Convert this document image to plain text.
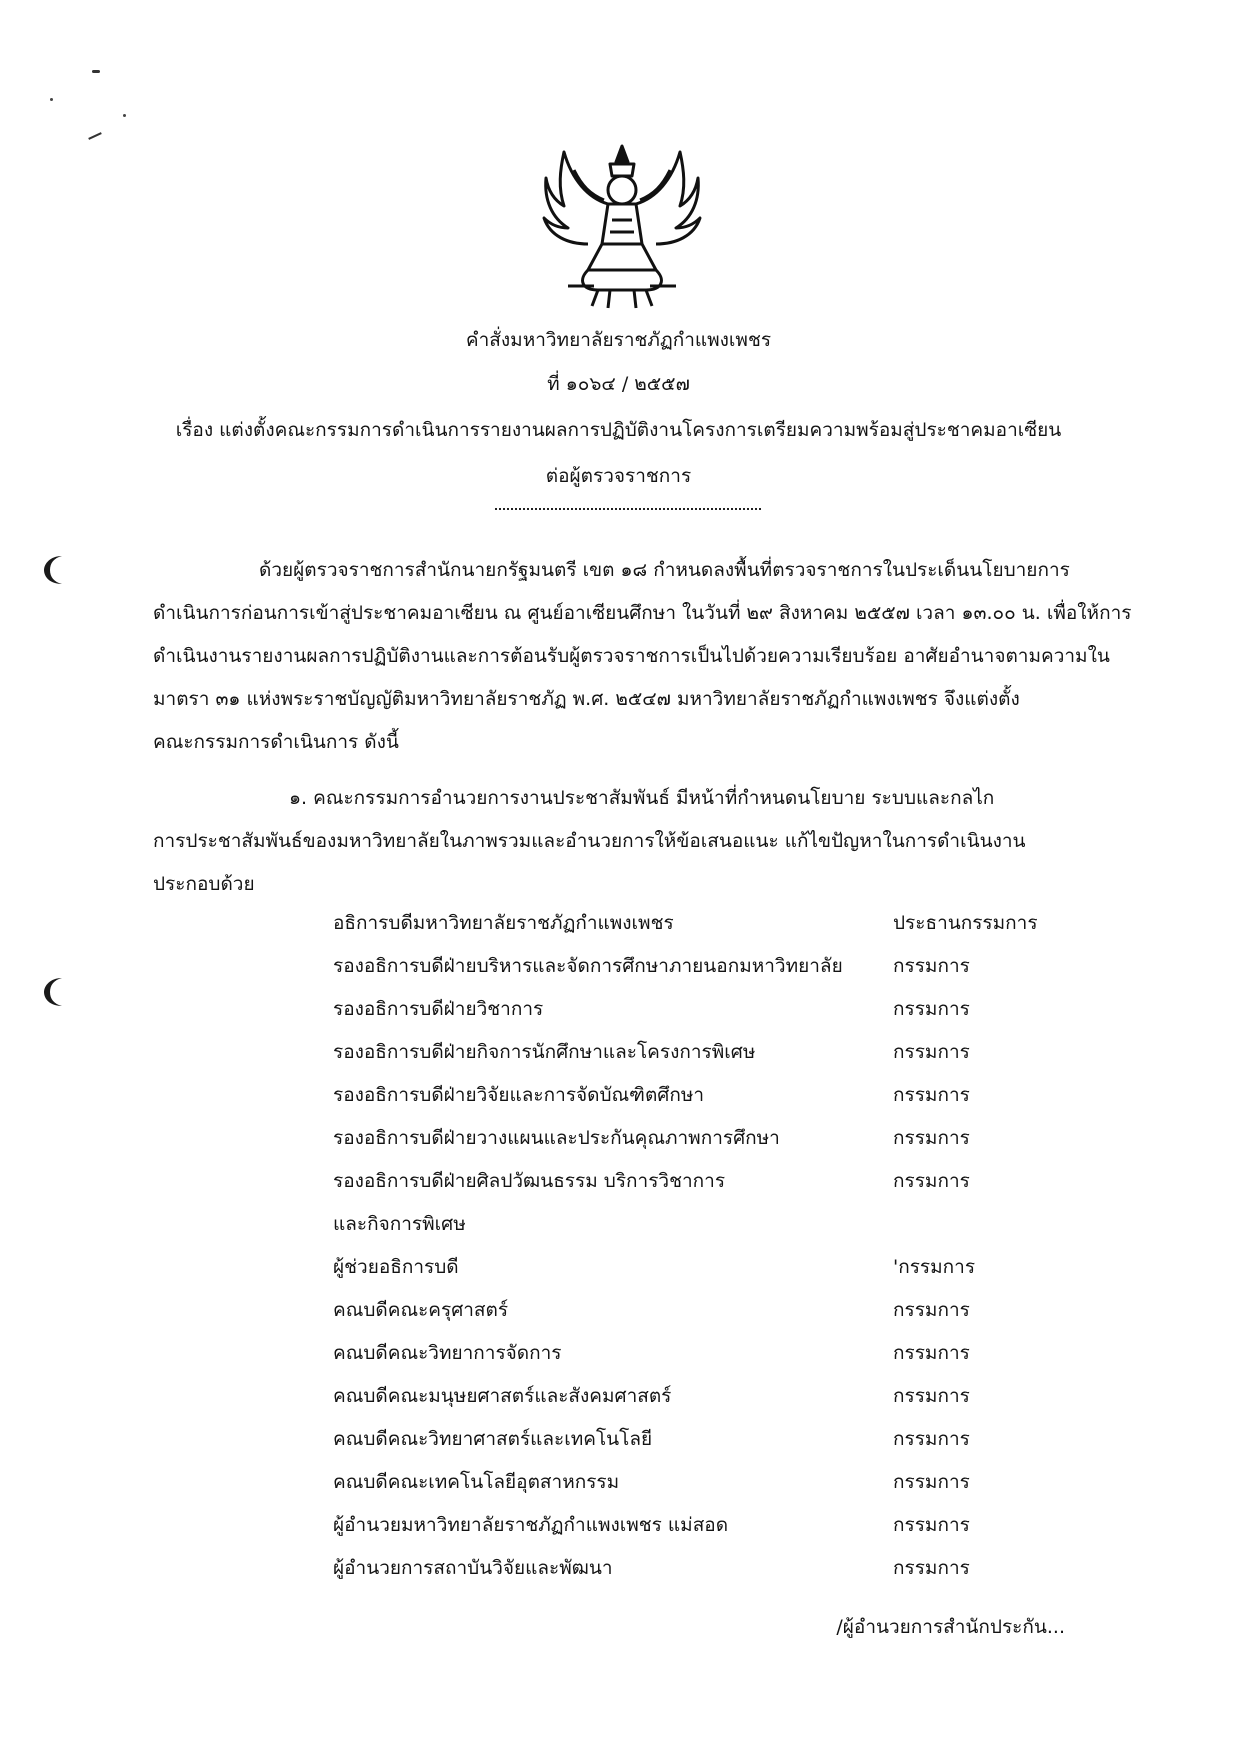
คำสั่งมหาวิทยาลัยราชภัฏกำแพงเพชร
ที่ ๑๐๖๔ / ๒๕๕๗
เรื่อง แต่งตั้งคณะกรรมการดำเนินการรายงานผลการปฏิบัติงานโครงการเตรียมความพร้อมสู่ประชาคมอาเซียน
ต่อผู้ตรวจราชการ
ด้วยผู้ตรวจราชการสำนักนายกรัฐมนตรี เขต ๑๘ กำหนดลงพื้นที่ตรวจราชการในประเด็นนโยบายการ
ดำเนินการก่อนการเข้าสู่ประชาคมอาเซียน ณ ศูนย์อาเซียนศึกษา ในวันที่ ๒๙ สิงหาคม ๒๕๕๗ เวลา ๑๓.๐๐ น. เพื่อให้การ
ดำเนินงานรายงานผลการปฏิบัติงานและการต้อนรับผู้ตรวจราชการเป็นไปด้วยความเรียบร้อย อาศัยอำนาจตามความใน
มาตรา ๓๑ แห่งพระราชบัญญัติมหาวิทยาลัยราชภัฏ พ.ศ. ๒๕๔๗ มหาวิทยาลัยราชภัฏกำแพงเพชร จึงแต่งตั้ง
คณะกรรมการดำเนินการ ดังนี้
๑. คณะกรรมการอำนวยการงานประชาสัมพันธ์ มีหน้าที่กำหนดนโยบาย ระบบและกลไก
การประชาสัมพันธ์ของมหาวิทยาลัยในภาพรวมและอำนวยการให้ข้อเสนอแนะ แก้ไขปัญหาในการดำเนินงาน
ประกอบด้วย
อธิการบดีมหาวิทยาลัยราชภัฏกำแพงเพชร	ประธานกรรมการ
รองอธิการบดีฝ่ายบริหารและจัดการศึกษาภายนอกมหาวิทยาลัย	กรรมการ
รองอธิการบดีฝ่ายวิชาการ	กรรมการ
รองอธิการบดีฝ่ายกิจการนักศึกษาและโครงการพิเศษ	กรรมการ
รองอธิการบดีฝ่ายวิจัยและการจัดบัณฑิตศึกษา	กรรมการ
รองอธิการบดีฝ่ายวางแผนและประกันคุณภาพการศึกษา	กรรมการ
รองอธิการบดีฝ่ายศิลปวัฒนธรรม บริการวิชาการ	กรรมการ
และกิจการพิเศษ
ผู้ช่วยอธิการบดี	'กรรมการ
คณบดีคณะครุศาสตร์	กรรมการ
คณบดีคณะวิทยาการจัดการ	กรรมการ
คณบดีคณะมนุษยศาสตร์และสังคมศาสตร์	กรรมการ
คณบดีคณะวิทยาศาสตร์และเทคโนโลยี	กรรมการ
คณบดีคณะเทคโนโลยีอุตสาหกรรม	กรรมการ
ผู้อำนวยมหาวิทยาลัยราชภัฏกำแพงเพชร แม่สอด	กรรมการ
ผู้อำนวยการสถาบันวิจัยและพัฒนา	กรรมการ
/ผู้อำนวยการสำนักประกัน...
